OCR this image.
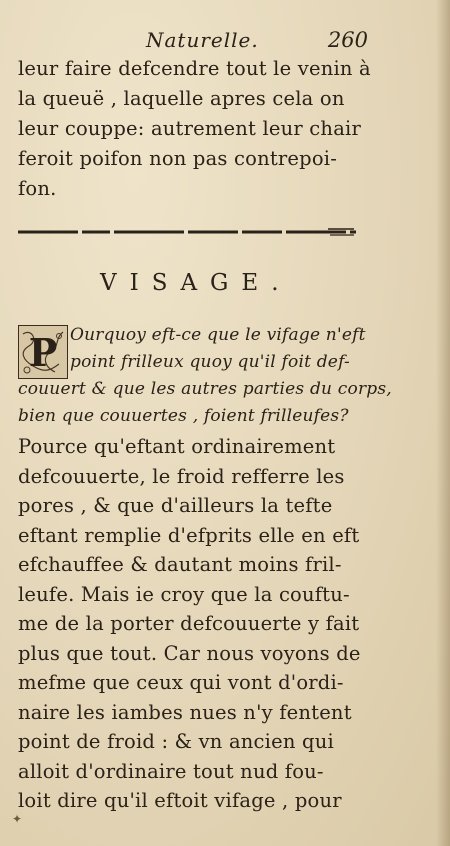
Naturelle.	260
leur faire defcendre tout le venin à
la queuë , laquelle apres cela on
leur couppe: autrement leur chair
feroit poifon non pas contrepoi-
fon.
VISAGE.
P Ourquoy eft-ce que le vifage n'eft
point frilleux quoy qu'il foit def-
couuert & que les autres parties du corps,
bien que couuertes , foient frilleufes?
Pource qu'eftant ordinairement
defcouuerte, le froid refferre les
pores , & que d'ailleurs la tefte
eftant remplie d'efprits elle en eft
efchauffee & dautant moins fril-
leufe. Mais ie croy que la couftu-
me de la porter defcouuerte y fait
plus que tout. Car nous voyons de
mefme que ceux qui vont d'ordi-
naire les iambes nues n'y fentent
point de froid : & vn ancien qui
alloit d'ordinaire tout nud fou-
loit dire qu'il eftoit vifage , pour
✦
